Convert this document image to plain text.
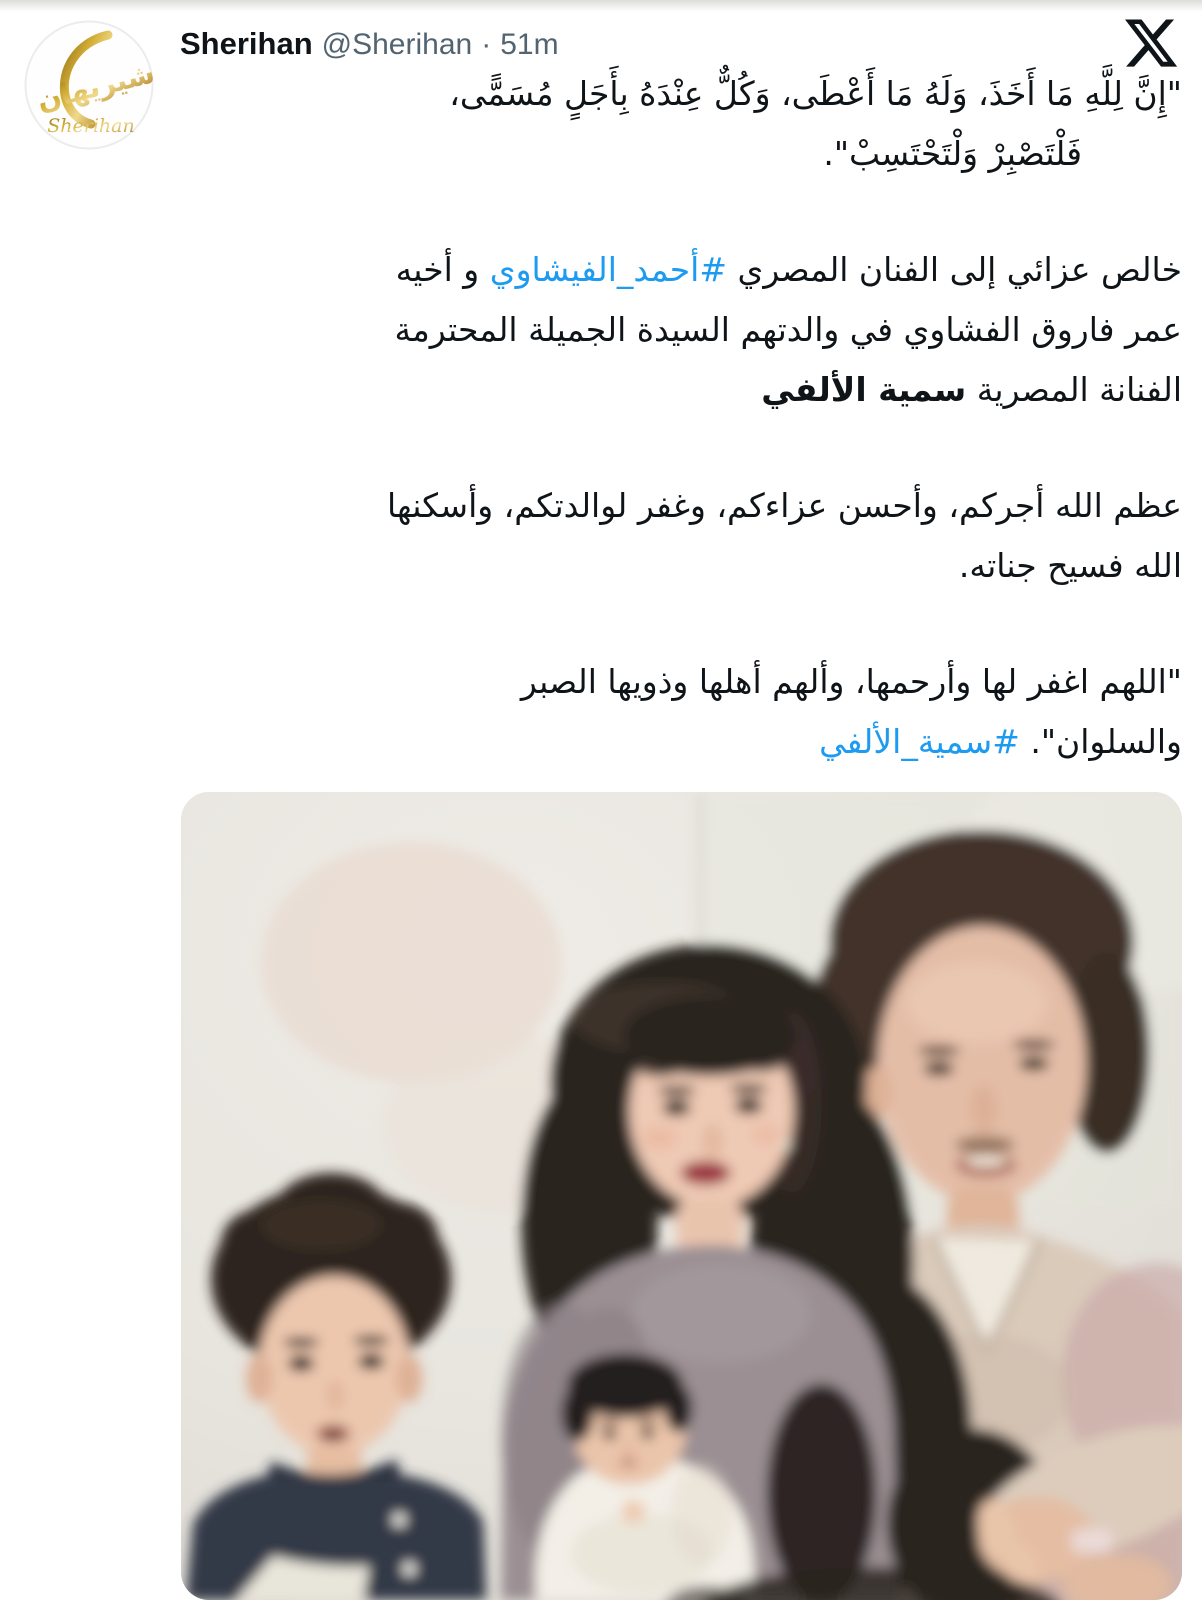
شيريهان
Sherihan
Sherihan @Sherihan · 51m
"إِنَّ لِلَّهِ مَا أَخَذَ، وَلَهُ مَا أَعْطَى، وَكُلٌّ عِنْدَهُ بِأَجَلٍ مُسَمًّى،
فَلْتَصْبِرْ وَلْتَحْتَسِبْ".
خالص عزائي إلى الفنان المصري #أحمد_الفيشاوي و أخيه
عمر فاروق الفشاوي في والدتهم السيدة الجميلة المحترمة
الفنانة المصرية سمية الألفي
عظم الله أجركم، وأحسن عزاءكم، وغفر لوالدتكم، وأسكنها
الله فسيح جناته.
"اللهم اغفر لها وأرحمها، وألهم أهلها وذويها الصبر
والسلوان". #سمية_الألفي
